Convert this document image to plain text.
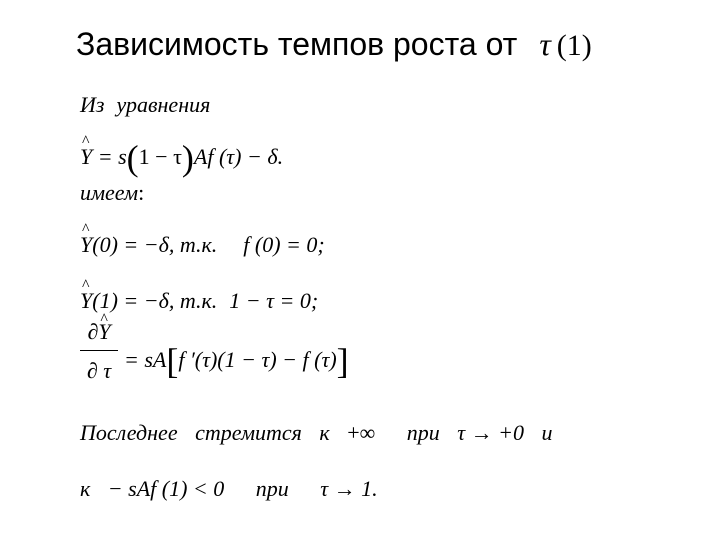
Зависимость темпов роста от τ (1)
Из уравнения
^ Y = s(1 − τ)Af (τ) − δ.
имеем:
^ Y(0) = −δ, т.к. f (0) = 0;
^ Y(1) = −δ, т.к. 1 − τ = 0;
∂^ Y
∂ τ = sA[f ′(τ)(1 − τ) − f (τ)]
Последнее стремится к +∞ при τ → +0 и
к − sAf (1) < 0 при τ → 1.
